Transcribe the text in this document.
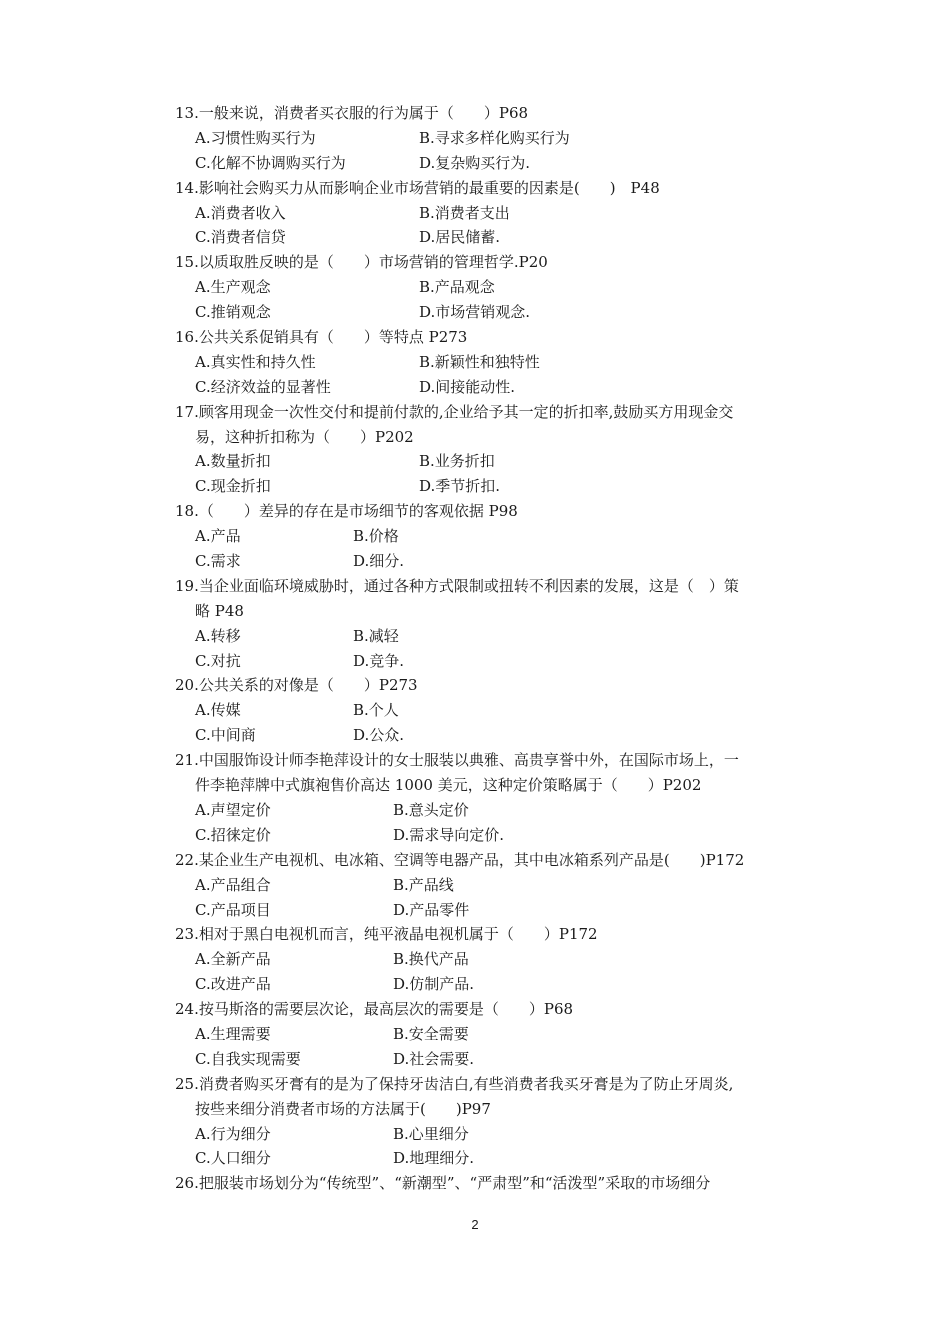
13.一般来说，消费者买衣服的行为属于（　　）P68
A.习惯性购买行为	B.寻求多样化购买行为
C.化解不协调购买行为	D.复杂购买行为.
14.影响社会购买力从而影响企业市场营销的最重要的因素是(　　)　P48
A.消费者收入	B.消费者支出
C.消费者信贷	D.居民储蓄.
15.以质取胜反映的是（　　）市场营销的管理哲学.P20
A.生产观念	B.产品观念
C.推销观念	D.市场营销观念.
16.公共关系促销具有（　　）等特点 P273
A.真实性和持久性	B.新颖性和独特性
C.经济效益的显著性	D.间接能动性.
17.顾客用现金一次性交付和提前付款的,企业给予其一定的折扣率,鼓励买方用现金交
易，这种折扣称为（　　）P202
A.数量折扣	B.业务折扣
C.现金折扣	D.季节折扣.
18.（　　）差异的存在是市场细节的客观依据 P98
A.产品	B.价格
C.需求	D.细分.
19.当企业面临环境威胁时，通过各种方式限制或扭转不利因素的发展，这是（　）策
略 P48
A.转移	B.减轻
C.对抗	D.竞争.
20.公共关系的对像是（　　）P273
A.传媒	B.个人
C.中间商	D.公众.
21.中国服饰设计师李艳萍设计的女士服装以典雅、高贵享誉中外，在国际市场上，一
件李艳萍牌中式旗袍售价高达 1000 美元，这种定价策略属于（　　）P202
A.声望定价	B.意头定价
C.招徕定价	D.需求导向定价.
22.某企业生产电视机、电冰箱、空调等电器产品，其中电冰箱系列产品是(　　)P172
A.产品组合	B.产品线
C.产品项目	D.产品零件
23.相对于黑白电视机而言，纯平液晶电视机属于（　　）P172
A.全新产品	B.换代产品
C.改进产品	D.仿制产品.
24.按马斯洛的需要层次论，最高层次的需要是（　　）P68
A.生理需要	B.安全需要
C.自我实现需要	D.社会需要.
25.消费者购买牙膏有的是为了保持牙齿洁白,有些消费者我买牙膏是为了防止牙周炎,
按些来细分消费者市场的方法属于(　　)P97
A.行为细分	B.心里细分
C.人口细分	D.地理细分.
26.把服装市场划分为“传统型”、“新潮型”、“严肃型”和“活泼型”采取的市场细分
2
